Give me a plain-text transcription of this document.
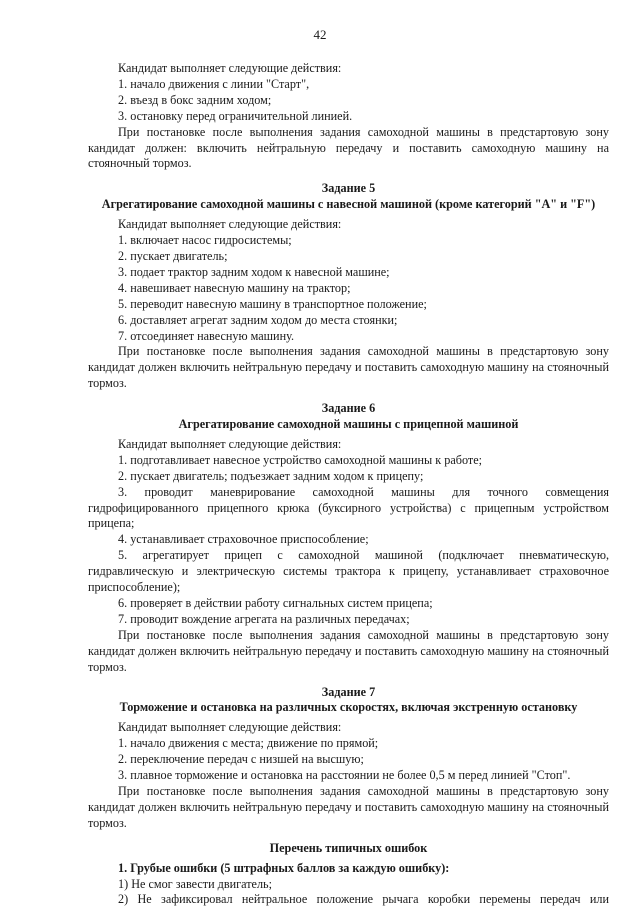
42

Кандидат выполняет следующие действия:

1. начало движения с линии "Старт",

2. въезд в бокс задним ходом;

3. остановку перед ограничительной линией.

При постановке после выполнения задания самоходной машины в предстартовую зону кандидат должен: включить нейтральную передачу и поставить самоходную машину на стояночный тормоз.

Задание 5

Агрегатирование самоходной машины с навесной машиной (кроме категорий "А" и "F")

Кандидат выполняет следующие действия:

1. включает насос гидросистемы;

2. пускает двигатель;

3. подает трактор задним ходом к навесной машине;

4. навешивает навесную машину на трактор;

5. переводит навесную машину в транспортное положение;

6. доставляет агрегат задним ходом до места стоянки;

7. отсоединяет навесную машину.

При постановке после выполнения задания самоходной машины в предстартовую зону кандидат должен включить нейтральную передачу и поставить самоходную машину на стояночный тормоз.

Задание 6

Агрегатирование самоходной машины с прицепной машиной

Кандидат выполняет следующие действия:

1. подготавливает навесное устройство самоходной машины к работе;

2. пускает двигатель; подъезжает задним ходом к прицепу;

3. проводит маневрирование самоходной машины для точного совмещения гидрофицированного прицепного крюка (буксирного устройства) с прицепным устройством прицепа;

4. устанавливает страховочное приспособление;

5. агрегатирует прицеп с самоходной машиной (подключает пневматическую, гидравлическую и электрическую системы трактора к прицепу, устанавливает страховочное приспособление);

6. проверяет в действии работу сигнальных систем прицепа;

7. проводит вождение агрегата на различных передачах;

При постановке после выполнения задания самоходной машины в предстартовую зону кандидат должен включить нейтральную передачу и поставить самоходную машину на стояночный тормоз.

Задание 7

Торможение и остановка на различных скоростях, включая экстренную остановку

Кандидат выполняет следующие действия:

1. начало движения с места; движение по прямой;

2. переключение передач с низшей на высшую;

3. плавное торможение и остановка на расстоянии не более 0,5 м перед линией "Стоп".

При постановке после выполнения задания самоходной машины в предстартовую зону кандидат должен включить нейтральную передачу и поставить самоходную машину на стояночный тормоз.

Перечень типичных ошибок

1. Грубые ошибки (5 штрафных баллов за каждую ошибку):

1) Не смог завести двигатель;

2) Не зафиксировал нейтральное положение рычага коробки перемены передач или
